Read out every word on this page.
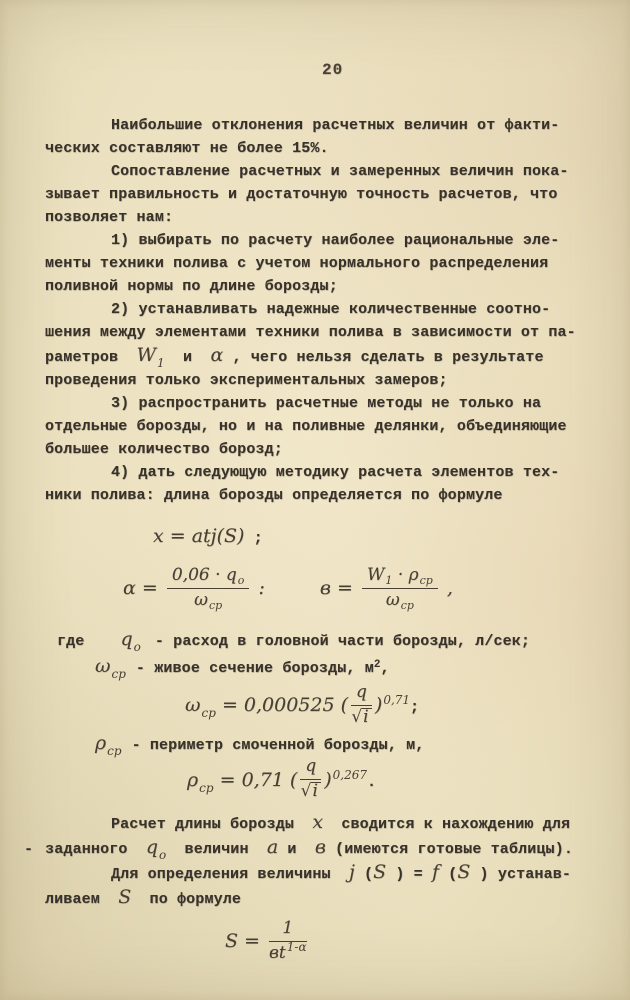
20
Наибольшие отклонения расчетных величин от факти-
ческих составляют не более 15%.
Сопоставление расчетных и замеренных величин пока-
зывает правильность и достаточную точность расчетов, что
позволяет нам:
1) выбирать по расчету наиболее рациональные эле-
менты техники полива с учетом нормального распределения
поливной нормы по длине борозды;
2) устанавливать надежные количественные соотно-
шения между элементами техники полива в зависимости от па-
раметров  $W_1$  и  α , чего нельзя сделать в результате
проведения только экспериментальных замеров;
3) распространить расчетные методы не только на
отдельные борозды, но и на поливные делянки, объединяющие
большее количество борозд;
4) дать следующую методику расчета элементов тех-
ники полива: длина борозды определяется по формуле
x = atj(S) ;
$\alpha = \frac{0,06 \cdot q_о}{\omega_{ср}}$ :	$в = \frac{W_1 \cdot \rho_{ср}}{\omega_{ср}}$ ,
где $q_о$ - расход в головной части борозды, л/сек;
$\omega_{ср}$ - живое сечение борозды, $м^2$,
$\omega_{ср} = 0,000525$ ( $\frac{q}{√i} )^{0,71}$;
$\rho_{ср}$ - периметр смоченной борозды, м,
$\rho_{ср} = 0,71$ ( $\frac{q}{√i} )^{0,267}$.
Расчет длины борозды  x  сводится к нахождению для
- заданного  $q_о$  величин  a и  в (имеются готовые таблицы).
Для определения величины  j (S ) = f (S ) устанав-
ливаем  S  по формуле
$S = \frac{1}{вt^{1-\alpha}}$
